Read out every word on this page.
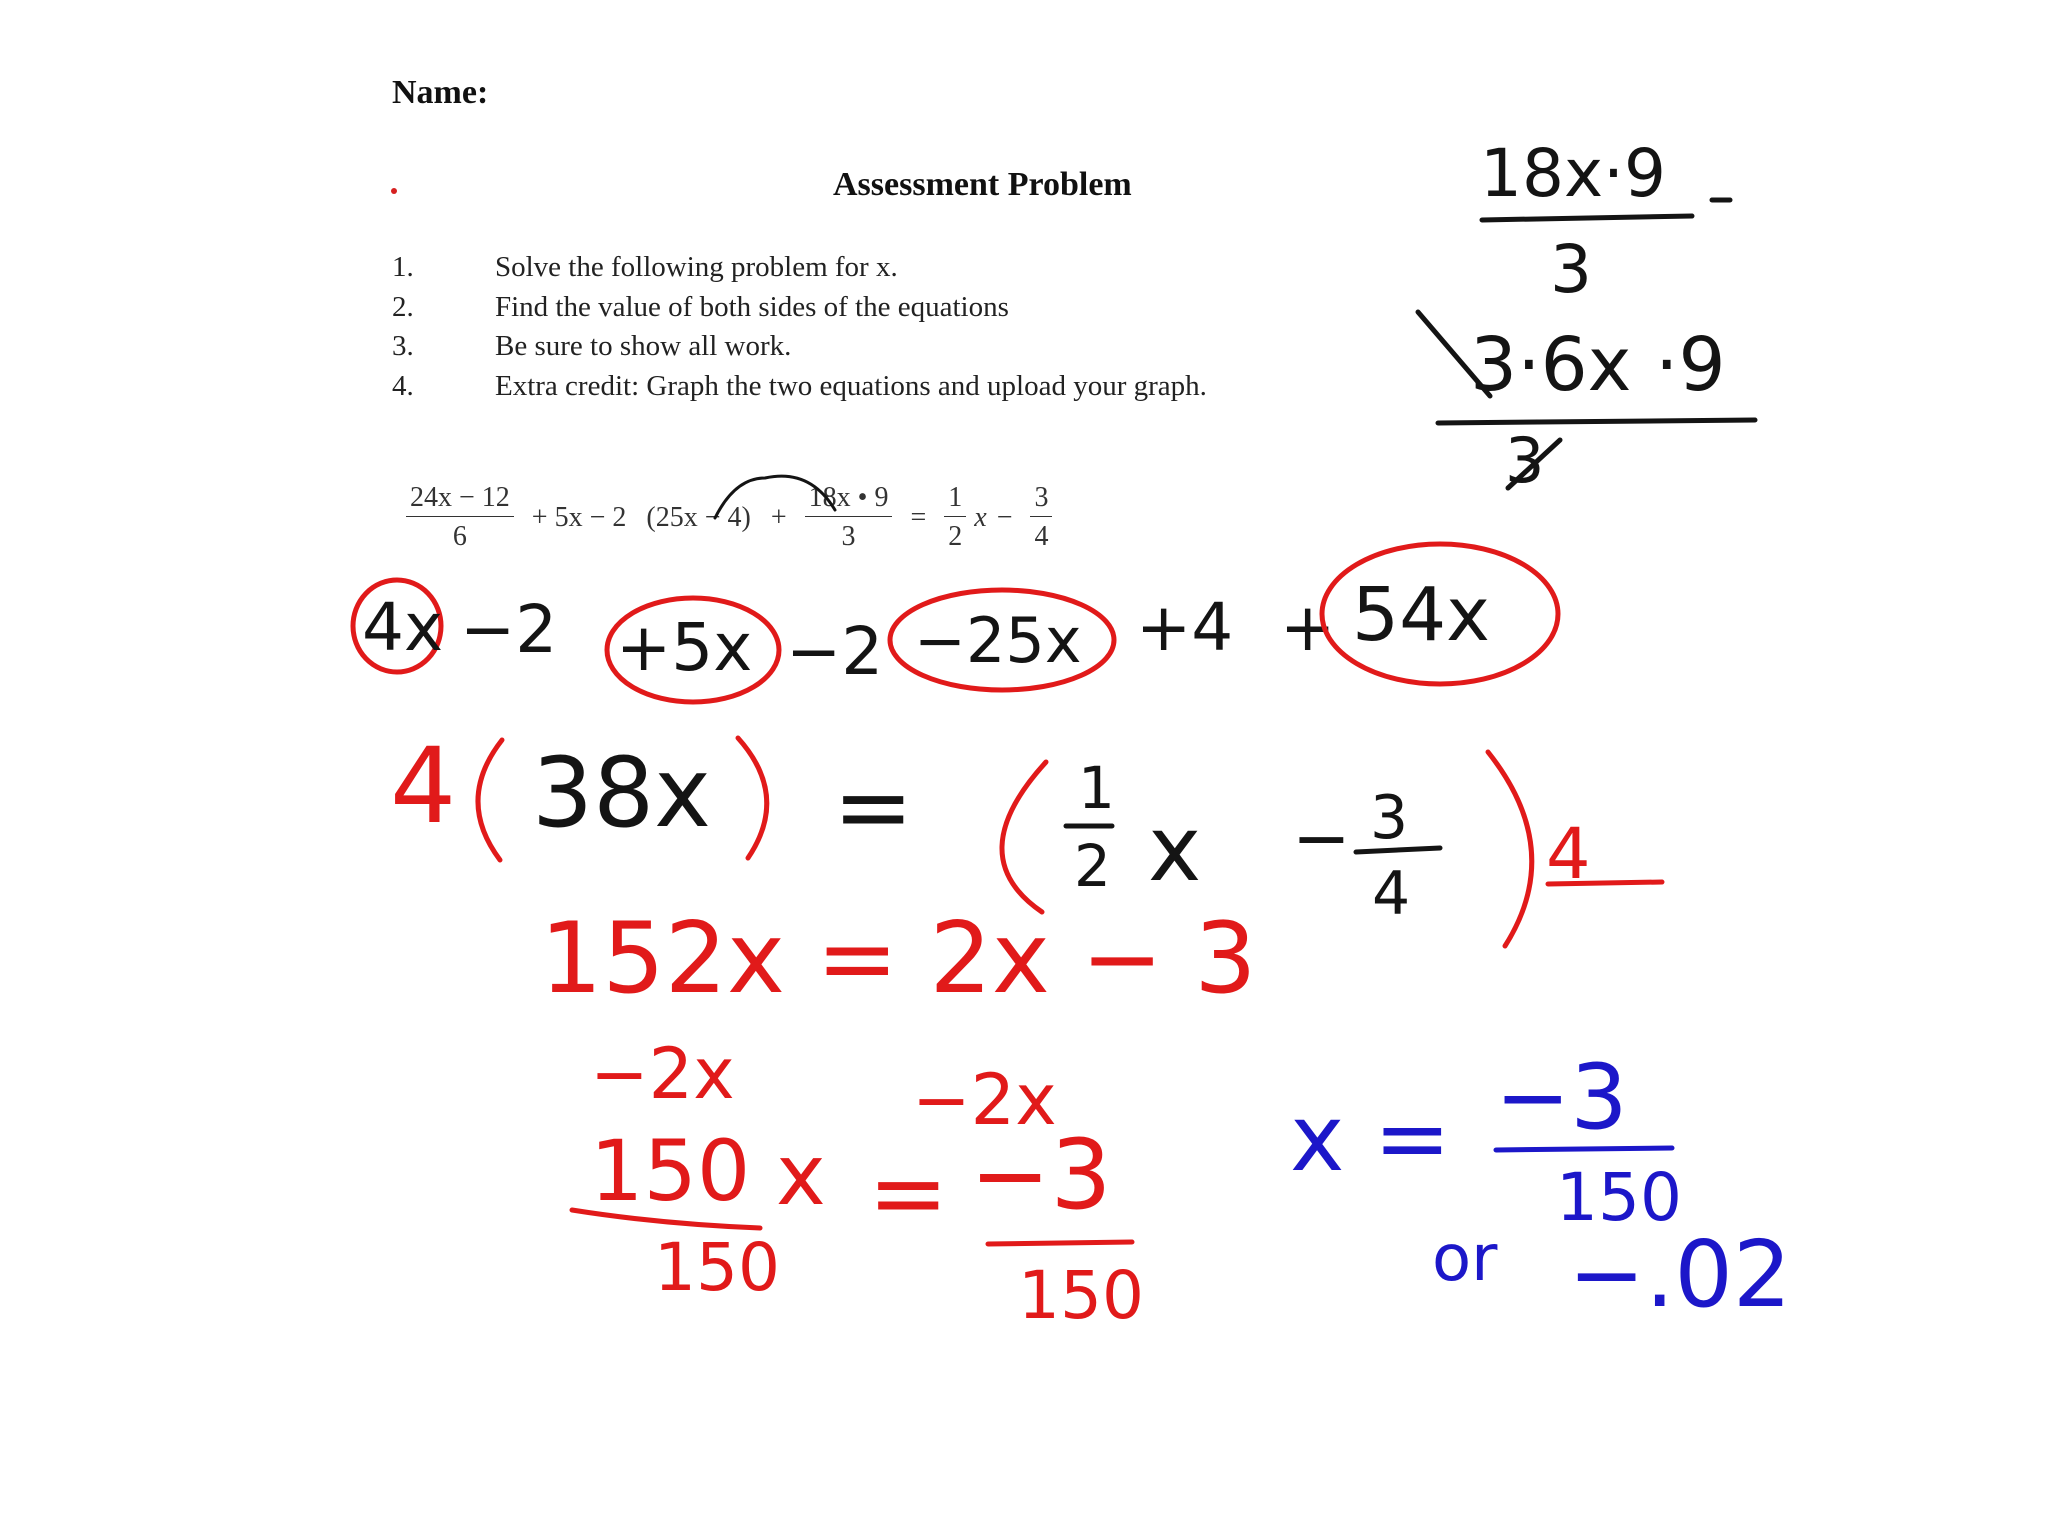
Name:
Assessment Problem
1.	Solve the following problem for x.
2.	Find the value of both sides of the equations
3.	Be sure to show all work.
4.	Extra credit: Graph the two equations and upload your graph.
$\frac{24x - 12}{6} + 5x - 2$ $(25x - 4) + \frac{18x • 9}{3} = \frac{1}{2}$ $x - \frac{3}{4}$
18x·9
3
3·6x ·9
3
4x −2 +5x −2 −25x +4 + 54x
4 38x =	1
2 x − 3
4 4
152x = 2x − 3
−2x	−2x
150 x = −3
150	150
x = −3
150
or −.02
